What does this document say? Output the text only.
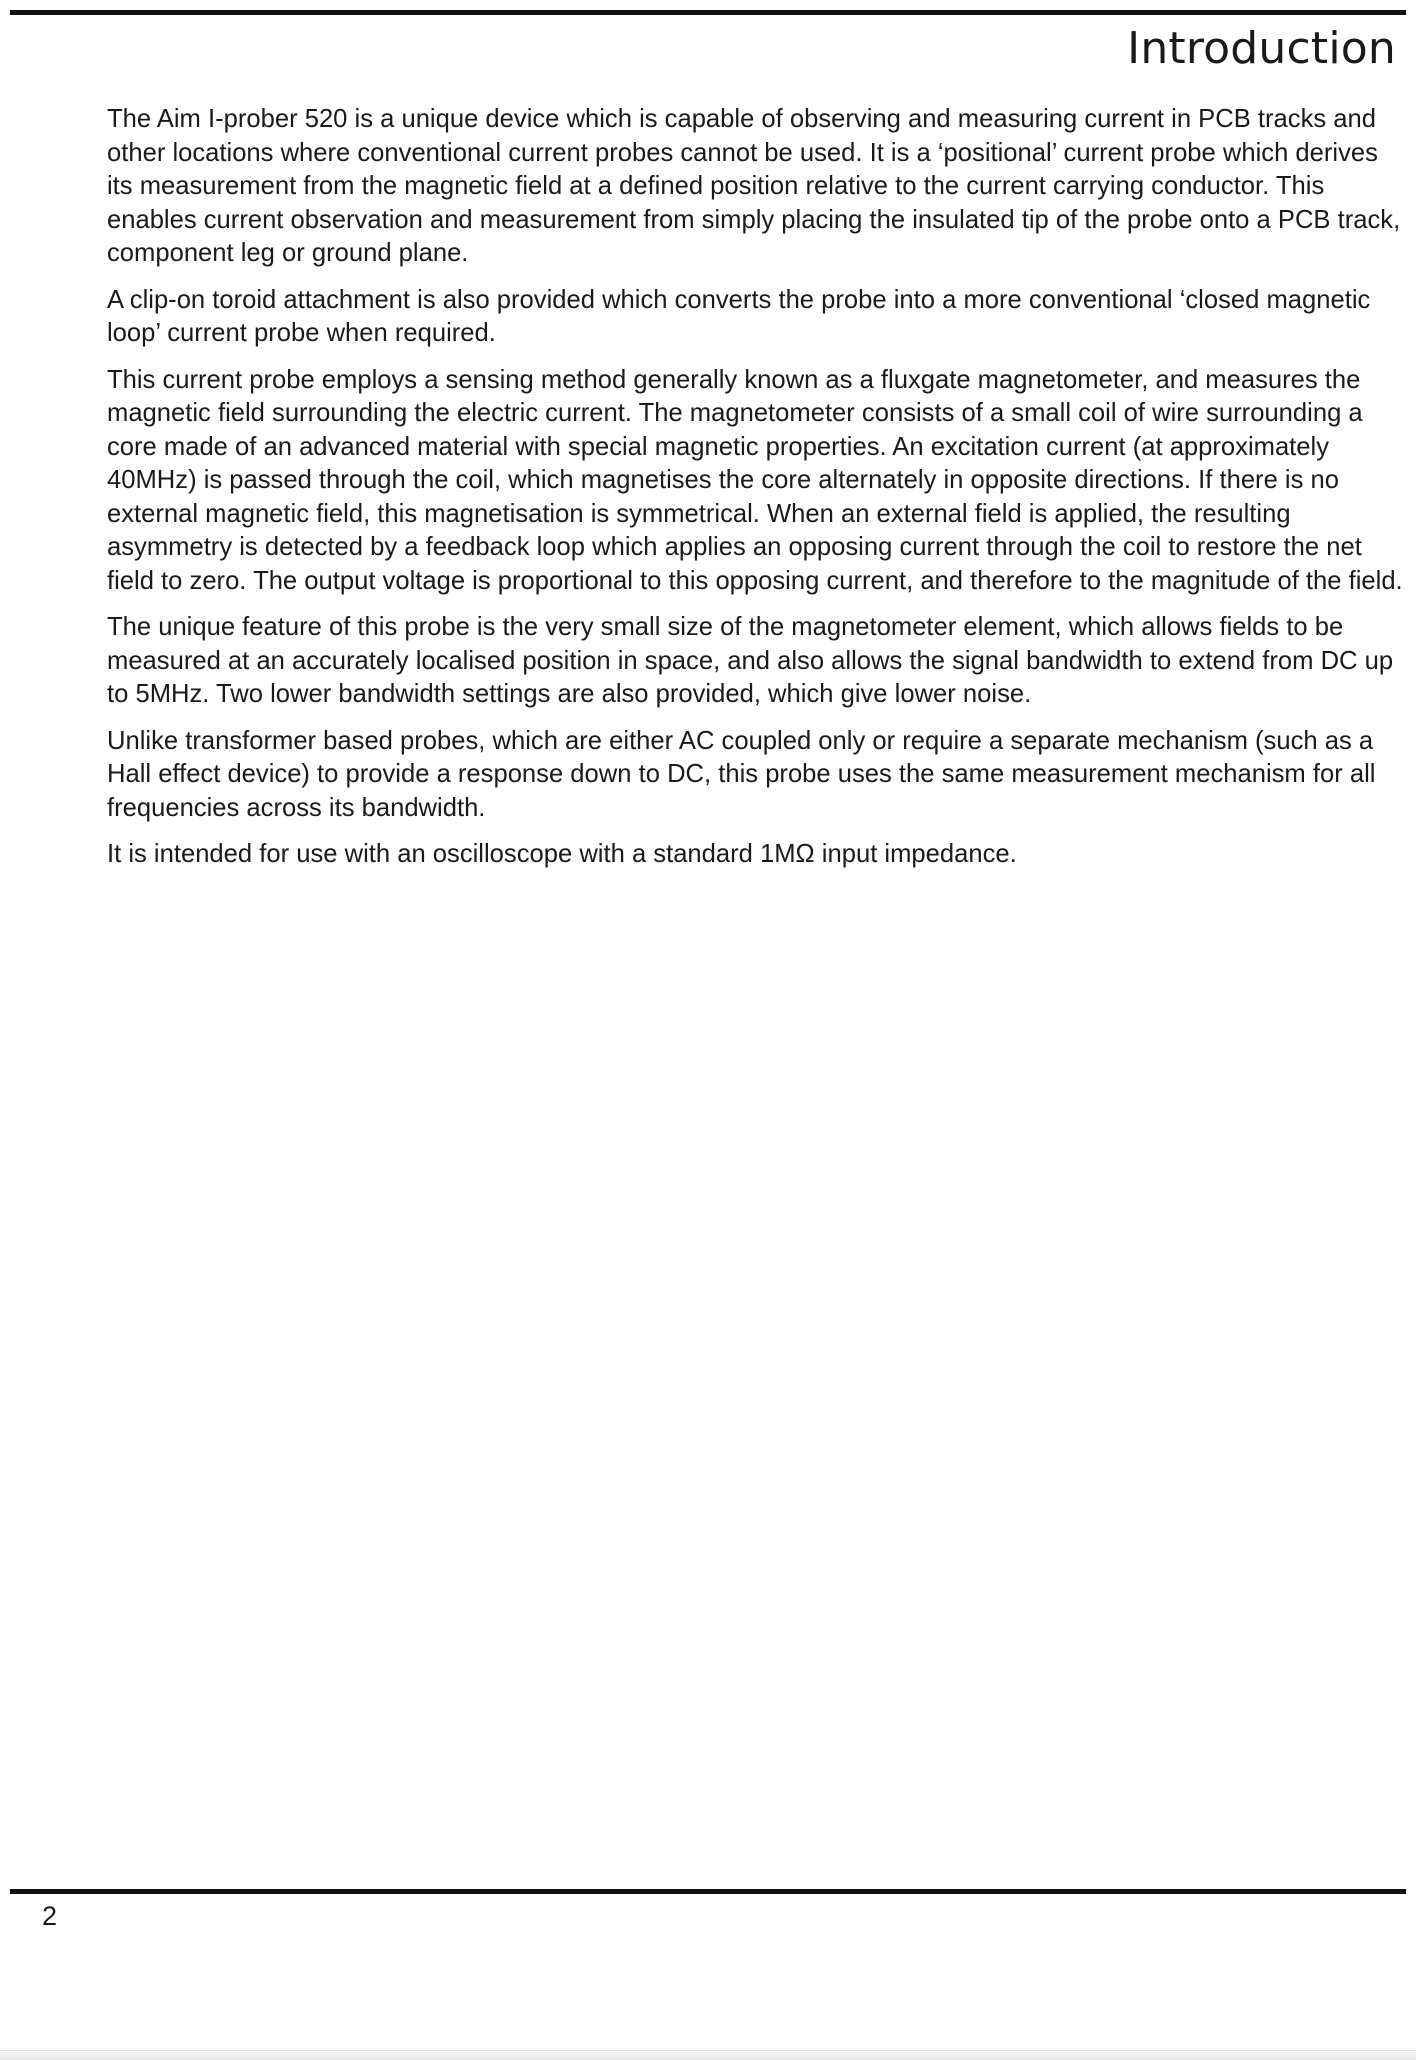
Introduction

The Aim I-prober 520 is a unique device which is capable of observing and measuring current in PCB tracks and other locations where conventional current probes cannot be used. It is a ‘positional’ current probe which derives its measurement from the magnetic field at a defined position relative to the current carrying conductor. This enables current observation and measurement from simply placing the insulated tip of the probe onto a PCB track, component leg or ground plane.

A clip-on toroid attachment is also provided which converts the probe into a more conventional ‘closed magnetic loop’ current probe when required.

This current probe employs a sensing method generally known as a fluxgate magnetometer, and measures the magnetic field surrounding the electric current. The magnetometer consists of a small coil of wire surrounding a core made of an advanced material with special magnetic properties. An excitation current (at approximately 40MHz) is passed through the coil, which magnetises the core alternately in opposite directions. If there is no external magnetic field, this magnetisation is symmetrical. When an external field is applied, the resulting asymmetry is detected by a feedback loop which applies an opposing current through the coil to restore the net field to zero. The output voltage is proportional to this opposing current, and therefore to the magnitude of the field.

The unique feature of this probe is the very small size of the magnetometer element, which allows fields to be measured at an accurately localised position in space, and also allows the signal bandwidth to extend from DC up to 5MHz. Two lower bandwidth settings are also provided, which give lower noise.

Unlike transformer based probes, which are either AC coupled only or require a separate mechanism (such as a Hall effect device) to provide a response down to DC, this probe uses the same measurement mechanism for all frequencies across its bandwidth.

It is intended for use with an oscilloscope with a standard 1MΩ input impedance.

2
